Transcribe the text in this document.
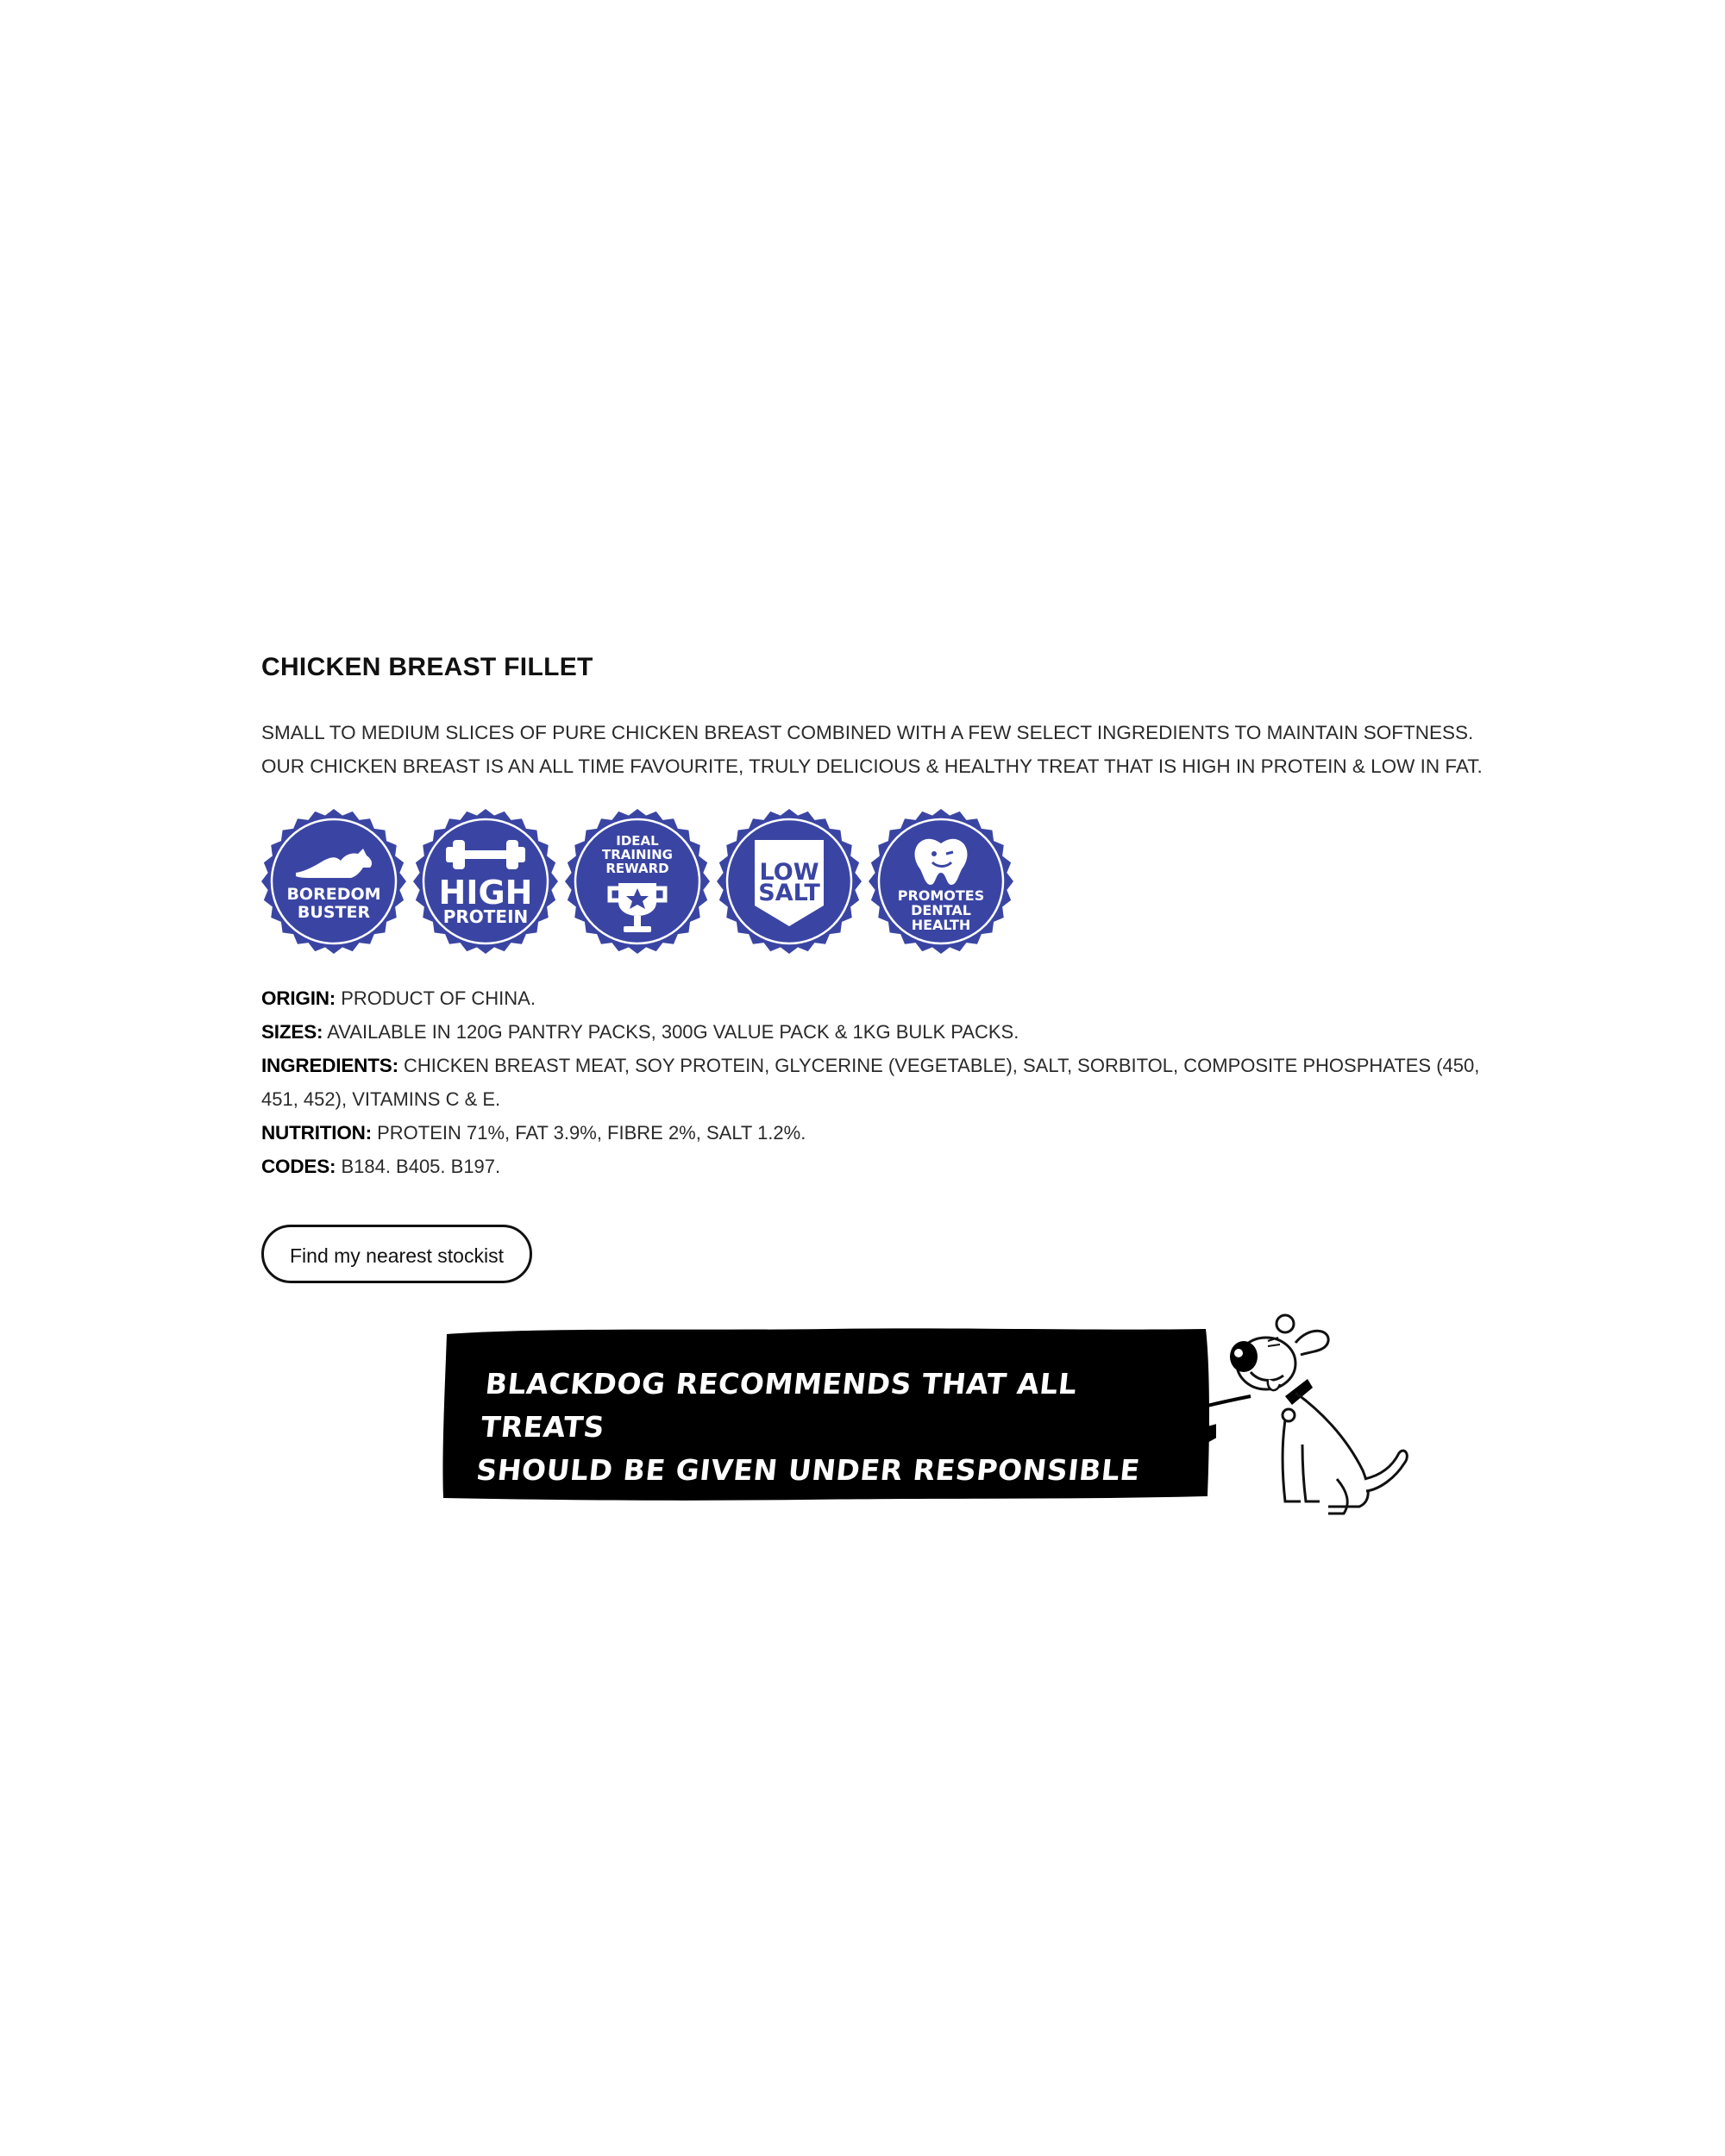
CHICKEN BREAST FILLET

SMALL TO MEDIUM SLICES OF PURE CHICKEN BREAST COMBINED WITH A FEW SELECT INGREDIENTS TO MAINTAIN SOFTNESS. OUR CHICKEN BREAST IS AN ALL TIME FAVOURITE, TRULY DELICIOUS & HEALTHY TREAT THAT IS HIGH IN PROTEIN & LOW IN FAT.

BOREDOM
BUSTER
HIGH
PROTEIN
IDEAL
TRAINING
REWARD	LOW
SALT	PROMOTES
DENTAL
HEALTH
ORIGIN: PRODUCT OF CHINA.
SIZES: AVAILABLE IN 120G PANTRY PACKS, 300G VALUE PACK & 1KG BULK PACKS.
INGREDIENTS: CHICKEN BREAST MEAT, SOY PROTEIN, GLYCERINE (VEGETABLE), SALT, SORBITOL, COMPOSITE PHOSPHATES (450,
451, 452), VITAMINS C & E.
NUTRITION: PROTEIN 71%, FAT 3.9%, FIBRE 2%, SALT 1.2%.
CODES: B184. B405. B197.
Find my nearest stockist
BLACKDOG RECOMMENDS THAT ALL TREATS
SHOULD BE GIVEN UNDER RESPONSIBLE SUPERVISION.
